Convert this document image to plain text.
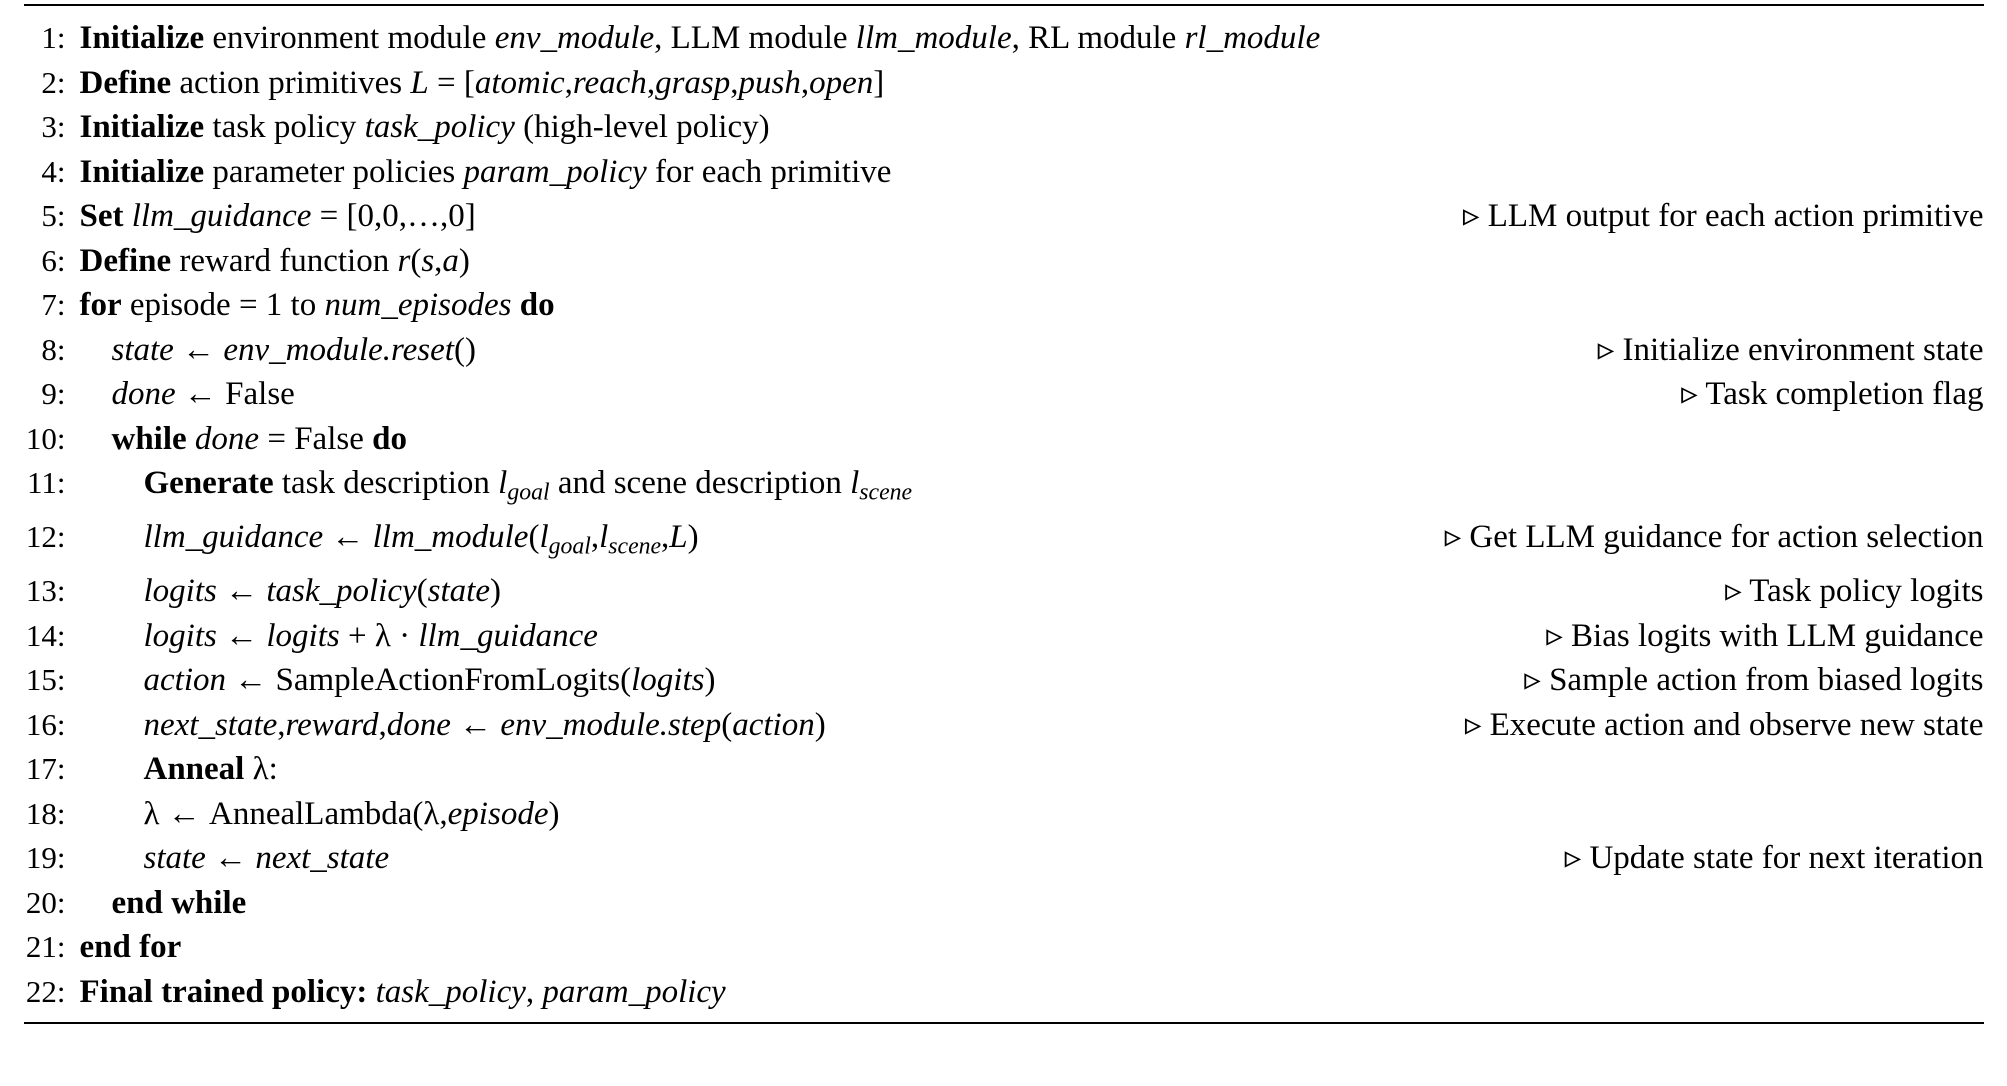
1: Initialize environment module env_module, LLM module llm_module, RL module rl_module
2: Define action primitives L = [atomic,reach,grasp,push,open]
3: Initialize task policy task_policy (high-level policy)
4: Initialize parameter policies param_policy for each primitive
5: Set llm_guidance = [0,0,…,0]	▹ LLM output for each action primitive
6: Define reward function r(s,a)
7: for episode = 1 to num_episodes do
8:	state ← env_module.reset()	▹ Initialize environment state
9:	done ← False	▹ Task completion flag
10:	while done = False do
11:	Generate task description $l_{goal}$ and scene description $l_{scene}$
12:	llm_guidance ← $llm\_module(l_{goal},l_{scene},L)$	▹ Get LLM guidance for action selection
13:	logits ← task_policy(state)	▹ Task policy logits
14:	logits ← logits + λ · llm_guidance	▹ Bias logits with LLM guidance
15:	action ← SampleActionFromLogits(logits)	▹ Sample action from biased logits
16:	next_state,reward,done ← env_module.step(action)	▹ Execute action and observe new state
17:	Anneal λ:
18:	λ ← AnnealLambda(λ,episode)
19:	state ← next_state	▹ Update state for next iteration
20:	end while
21: end for
22: Final trained policy: task_policy, param_policy
